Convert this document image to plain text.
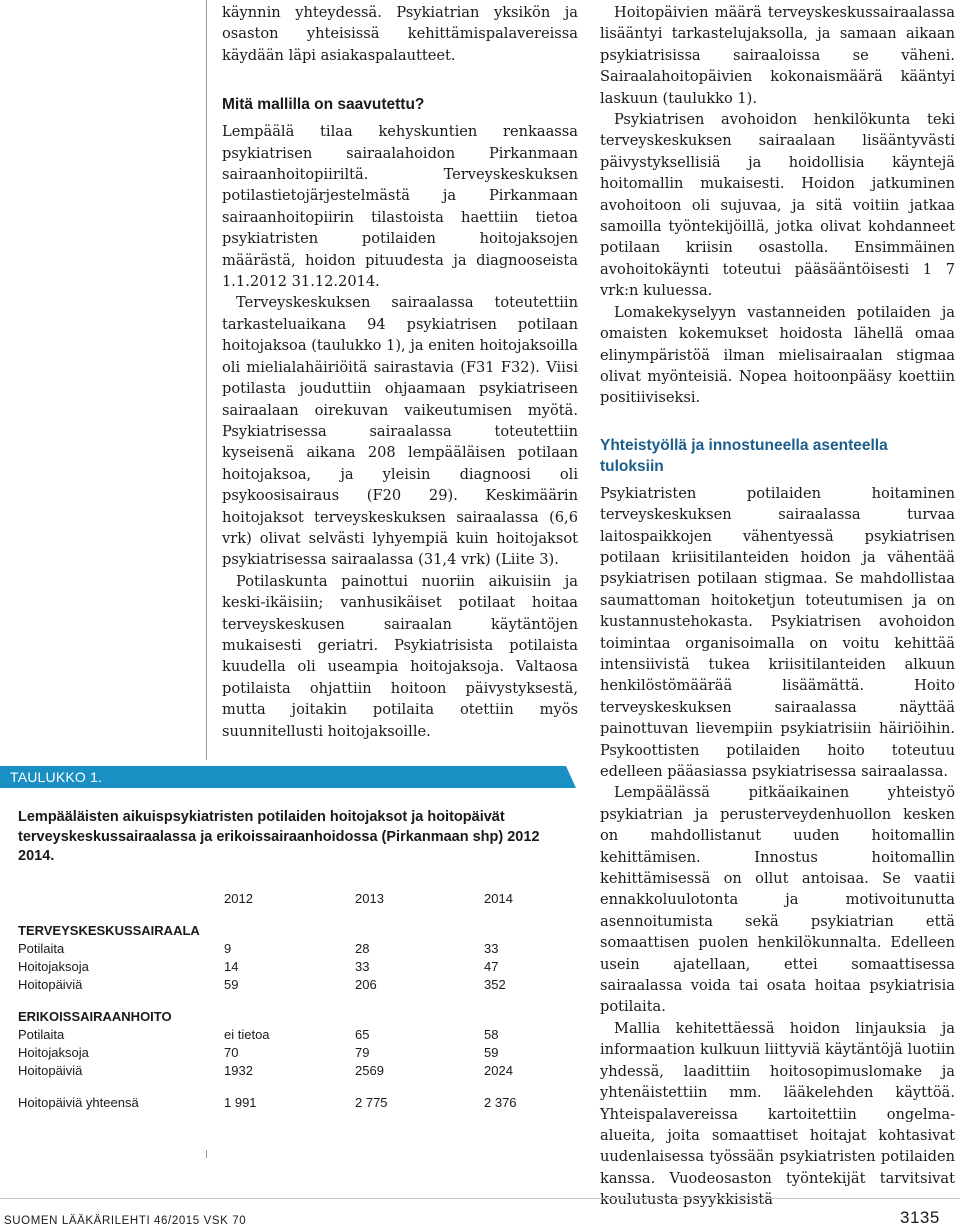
käynnin yhteydessä. Psykiatrian yksikön ja osaston yhteisissä kehittämispalavereissa käydään läpi asiakaspalautteet.

Mitä mallilla on saavutettu?

Lempäälä tilaa kehyskuntien renkaassa psykiatrisen sairaalahoidon Pirkanmaan sairaanhoitopiiriltä. Terveyskeskuksen potilastietojärjestelmästä ja Pirkanmaan sairaanhoitopiirin tilastoista haettiin tietoa psykiatristen potilaiden hoitojaksojen määrästä, hoidon pituudesta ja diagnooseista 1.1.2012 31.12.2014.

Terveyskeskuksen sairaalassa toteutettiin tarkasteluaikana 94 psykiatrisen potilaan hoitojaksoa (taulukko 1), ja eniten hoitojaksoilla oli mielialahäiriöitä sairastavia (F31 F32). Viisi potilasta jouduttiin ohjaamaan psykiatriseen sairaalaan oirekuvan vaikeutumisen myötä. Psykiatrisessa sairaalassa toteutettiin kyseisenä aikana 208 lempääläisen potilaan hoitojaksoa, ja yleisin diagnoosi oli psykoosisairaus (F20 29). Keskimäärin hoitojaksot terveyskeskuksen sairaalassa (6,6 vrk) olivat selvästi lyhyempiä kuin hoitojaksot psykiatrisessa sairaalassa (31,4 vrk) (Liite 3).

Potilaskunta painottui nuoriin aikuisiin ja keski-ikäisiin; vanhusikäiset potilaat hoitaa terveyskeskusen sairaalan käytäntöjen mukaisesti geriatri. Psykiatrisista potilaista kuudella oli useampia hoitojaksoja. Valtaosa potilaista ohjattiin hoitoon päivystyksestä, mutta joitakin potilaita otettiin myös suunnitellusti hoitojaksoille.

Hoitopäivien määrä terveyskeskussairaalassa lisääntyi tarkastelujaksolla, ja samaan aikaan psykiatrisissa sairaaloissa se väheni. Sairaalahoitopäivien kokonaismäärä kääntyi laskuun (taulukko 1).

Psykiatrisen avohoidon henkilökunta teki terveyskeskuksen sairaalaan lisääntyvästi päivystyksellisiä ja hoidollisia käyntejä hoitomallin mukaisesti. Hoidon jatkuminen avohoitoon oli sujuvaa, ja sitä voitiin jatkaa samoilla työntekijöillä, jotka olivat kohdanneet potilaan kriisin osastolla. Ensimmäinen avohoitokäynti toteutui pääsääntöisesti 1 7 vrk:n kuluessa.

Lomakekyselyyn vastanneiden potilaiden ja omaisten kokemukset hoidosta lähellä omaa elinympäristöä ilman mielisairaalan stigmaa olivat myönteisiä. Nopea hoitoonpääsy koettiin positiiviseksi.

Yhteistyöllä ja innostuneella asenteella tuloksiin

Psykiatristen potilaiden hoitaminen terveyskeskuksen sairaalassa turvaa laitospaikkojen vähentyessä psykiatrisen potilaan kriisitilanteiden hoidon ja vähentää psykiatrisen potilaan stigmaa. Se mahdollistaa saumattoman hoitoketjun toteutumisen ja on kustannustehokasta. Psykiatrisen avohoidon toimintaa organisoimalla on voitu kehittää intensiivistä tukea kriisitilanteiden alkuun henkilöstömäärää lisäämättä. Hoito terveyskeskuksen sairaalassa näyttää painottuvan lievempiin psykiatrisiin häiriöihin. Psykoottisten potilaiden hoito toteutuu edelleen pääasiassa psykiatrisessa sairaalassa.

Lempäälässä pitkäaikainen yhteistyö psykiatrian ja perusterveydenhuollon kesken on mahdollistanut uuden hoitomallin kehittämisen. Innostus hoitomallin kehittämisessä on ollut antoisaa. Se vaatii ennakkoluulotonta ja motivoitunutta asennoitumista sekä psykiatrian että somaattisen puolen henkilökunnalta. Edelleen usein ajatellaan, ettei somaattisessa sairaalassa voida tai osata hoitaa psykiatrisia potilaita.

Mallia kehitettäessä hoidon linjauksia ja informaation kulkuun liittyviä käytäntöjä luotiin yhdessä, laadittiin hoitosopimuslomake ja yhtenäistettiin mm. lääkelehden käyttöä. Yhteispalavereissa kartoitettiin ongelma-alueita, joita somaattiset hoitajat kohtasivat uudenlaisessa työssään psykiatristen potilaiden kanssa. Vuodeosaston työntekijät tarvitsivat koulutusta psyykkisistä

TAULUKKO 1.
Lempääläisten aikuispsykiatristen potilaiden hoitojaksot ja hoitopäivät terveyskeskussairaalassa ja erikoissairaanhoidossa (Pirkanmaan shp) 2012 2014.
2012	2013	2014
TERVEYSKESKUSSAIRAALA
Potilaita	9	28	33
Hoitojaksoja	14	33	47
Hoitopäiviä	59	206	352
ERIKOISSAIRAANHOITO
Potilaita	ei tietoa	65	58
Hoitojaksoja	70	79	59
Hoitopäiviä	1932	2569	2024
Hoitopäiviä yhteensä	1 991	2 775	2 376
SUOMEN LÄÄKÄRILEHTI 46/2015 VSK 70	3135
